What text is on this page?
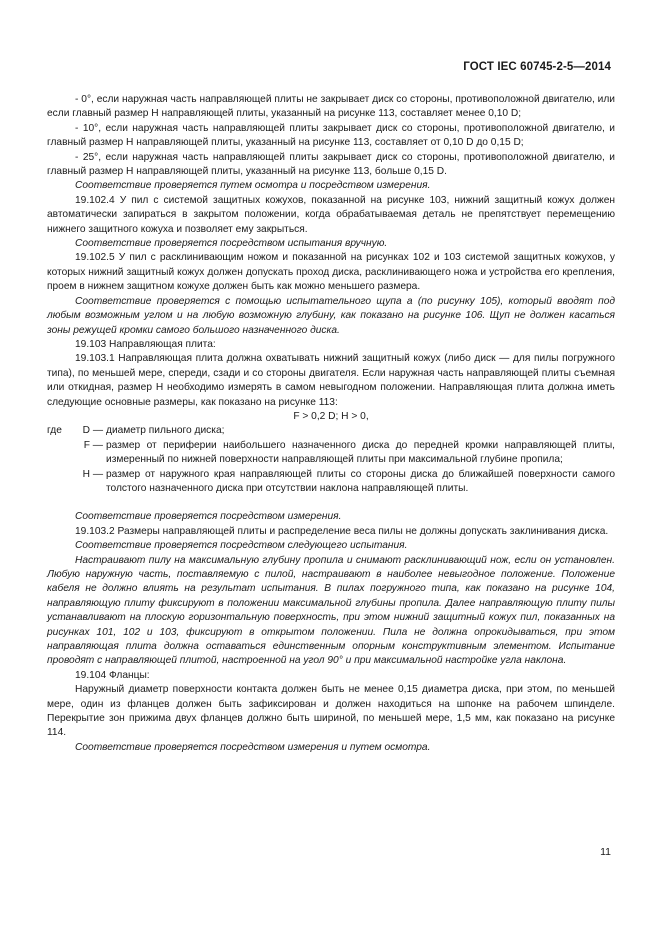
ГОСТ IEC 60745-2-5—2014

- 0°, если наружная часть направляющей плиты не закрывает диск со стороны, противоположной двигателю, или если главный размер H направляющей плиты, указанный на рисунке 113, составляет менее 0,10 D;

- 10°, если наружная часть направляющей плиты закрывает диск со стороны, противоположной двигателю, и главный размер H направляющей плиты, указанный на рисунке 113, составляет от 0,10 D до 0,15 D;

- 25°, если наружная часть направляющей плиты закрывает диск со стороны, противоположной двигателю, и главный размер H направляющей плиты, указанный на рисунке 113, больше 0,15 D.

Соответствие проверяется путем осмотра и посредством измерения.

19.102.4 У пил с системой защитных кожухов, показанной на рисунке 103, нижний защитный кожух должен автоматически запираться в закрытом положении, когда обрабатываемая деталь не препятствует перемещению нижнего защитного кожуха и позволяет ему закрыться.

Соответствие проверяется посредством испытания вручную.

19.102.5 У пил с расклинивающим ножом и показанной на рисунках 102 и 103 системой защитных кожухов, у которых нижний защитный кожух должен допускать проход диска, расклинивающего ножа и устройства его крепления, проем в нижнем защитном кожухе должен быть как можно меньшего размера.

Соответствие проверяется с помощью испытательного щупа а (по рисунку 105), который вводят под любым возможным углом и на любую возможную глубину, как показано на рисунке 106. Щуп не должен касаться зоны режущей кромки самого большого назначенного диска.

19.103 Направляющая плита:

19.103.1 Направляющая плита должна охватывать нижний защитный кожух (либо диск — для пилы погружного типа), по меньшей мере, спереди, сзади и со стороны двигателя. Если наружная часть направляющей плиты съемная или откидная, размер H необходимо измерять в самом невыгодном положении. Направляющая плита должна иметь следующие основные размеры, как показано на рисунке 113:

F > 0,2 D; H > 0,

где	D — диаметр пильного диска;
F — размер от периферии наибольшего назначенного диска до передней кромки направляющей плиты, измеренный по нижней поверхности направляющей плиты при максимальной глубине пропила;
H — размер от наружного края направляющей плиты со стороны диска до ближайшей поверхности самого толстого назначенного диска при отсутствии наклона направляющей плиты.

Соответствие проверяется посредством измерения.

19.103.2 Размеры направляющей плиты и распределение веса пилы не должны допускать заклинивания диска.

Соответствие проверяется посредством следующего испытания.

Настраивают пилу на максимальную глубину пропила и снимают расклинивающий нож, если он установлен. Любую наружную часть, поставляемую с пилой, настраивают в наиболее невыгодное положение. Положение кабеля не должно влиять на результат испытания. В пилах погружного типа, как показано на рисунке 104, направляющую плиту фиксируют в положении максимальной глубины пропила. Далее направляющую плиту пилы устанавливают на плоскую горизонтальную поверхность, при этом нижний защитный кожух пил, показанных на рисунках 101, 102 и 103, фиксируют в открытом положении. Пила не должна опрокидываться, при этом направляющая плита должна оставаться единственным опорным конструктивным элементом. Испытание проводят с направляющей плитой, настроенной на угол 90° и при максимальной настройке угла наклона.

19.104 Фланцы:

Наружный диаметр поверхности контакта должен быть не менее 0,15 диаметра диска, при этом, по меньшей мере, один из фланцев должен быть зафиксирован и должен находиться на шпонке на рабочем шпинделе. Перекрытие зон прижима двух фланцев должно быть шириной, по меньшей мере, 1,5 мм, как показано на рисунке 114.

Соответствие проверяется посредством измерения и путем осмотра.

11
